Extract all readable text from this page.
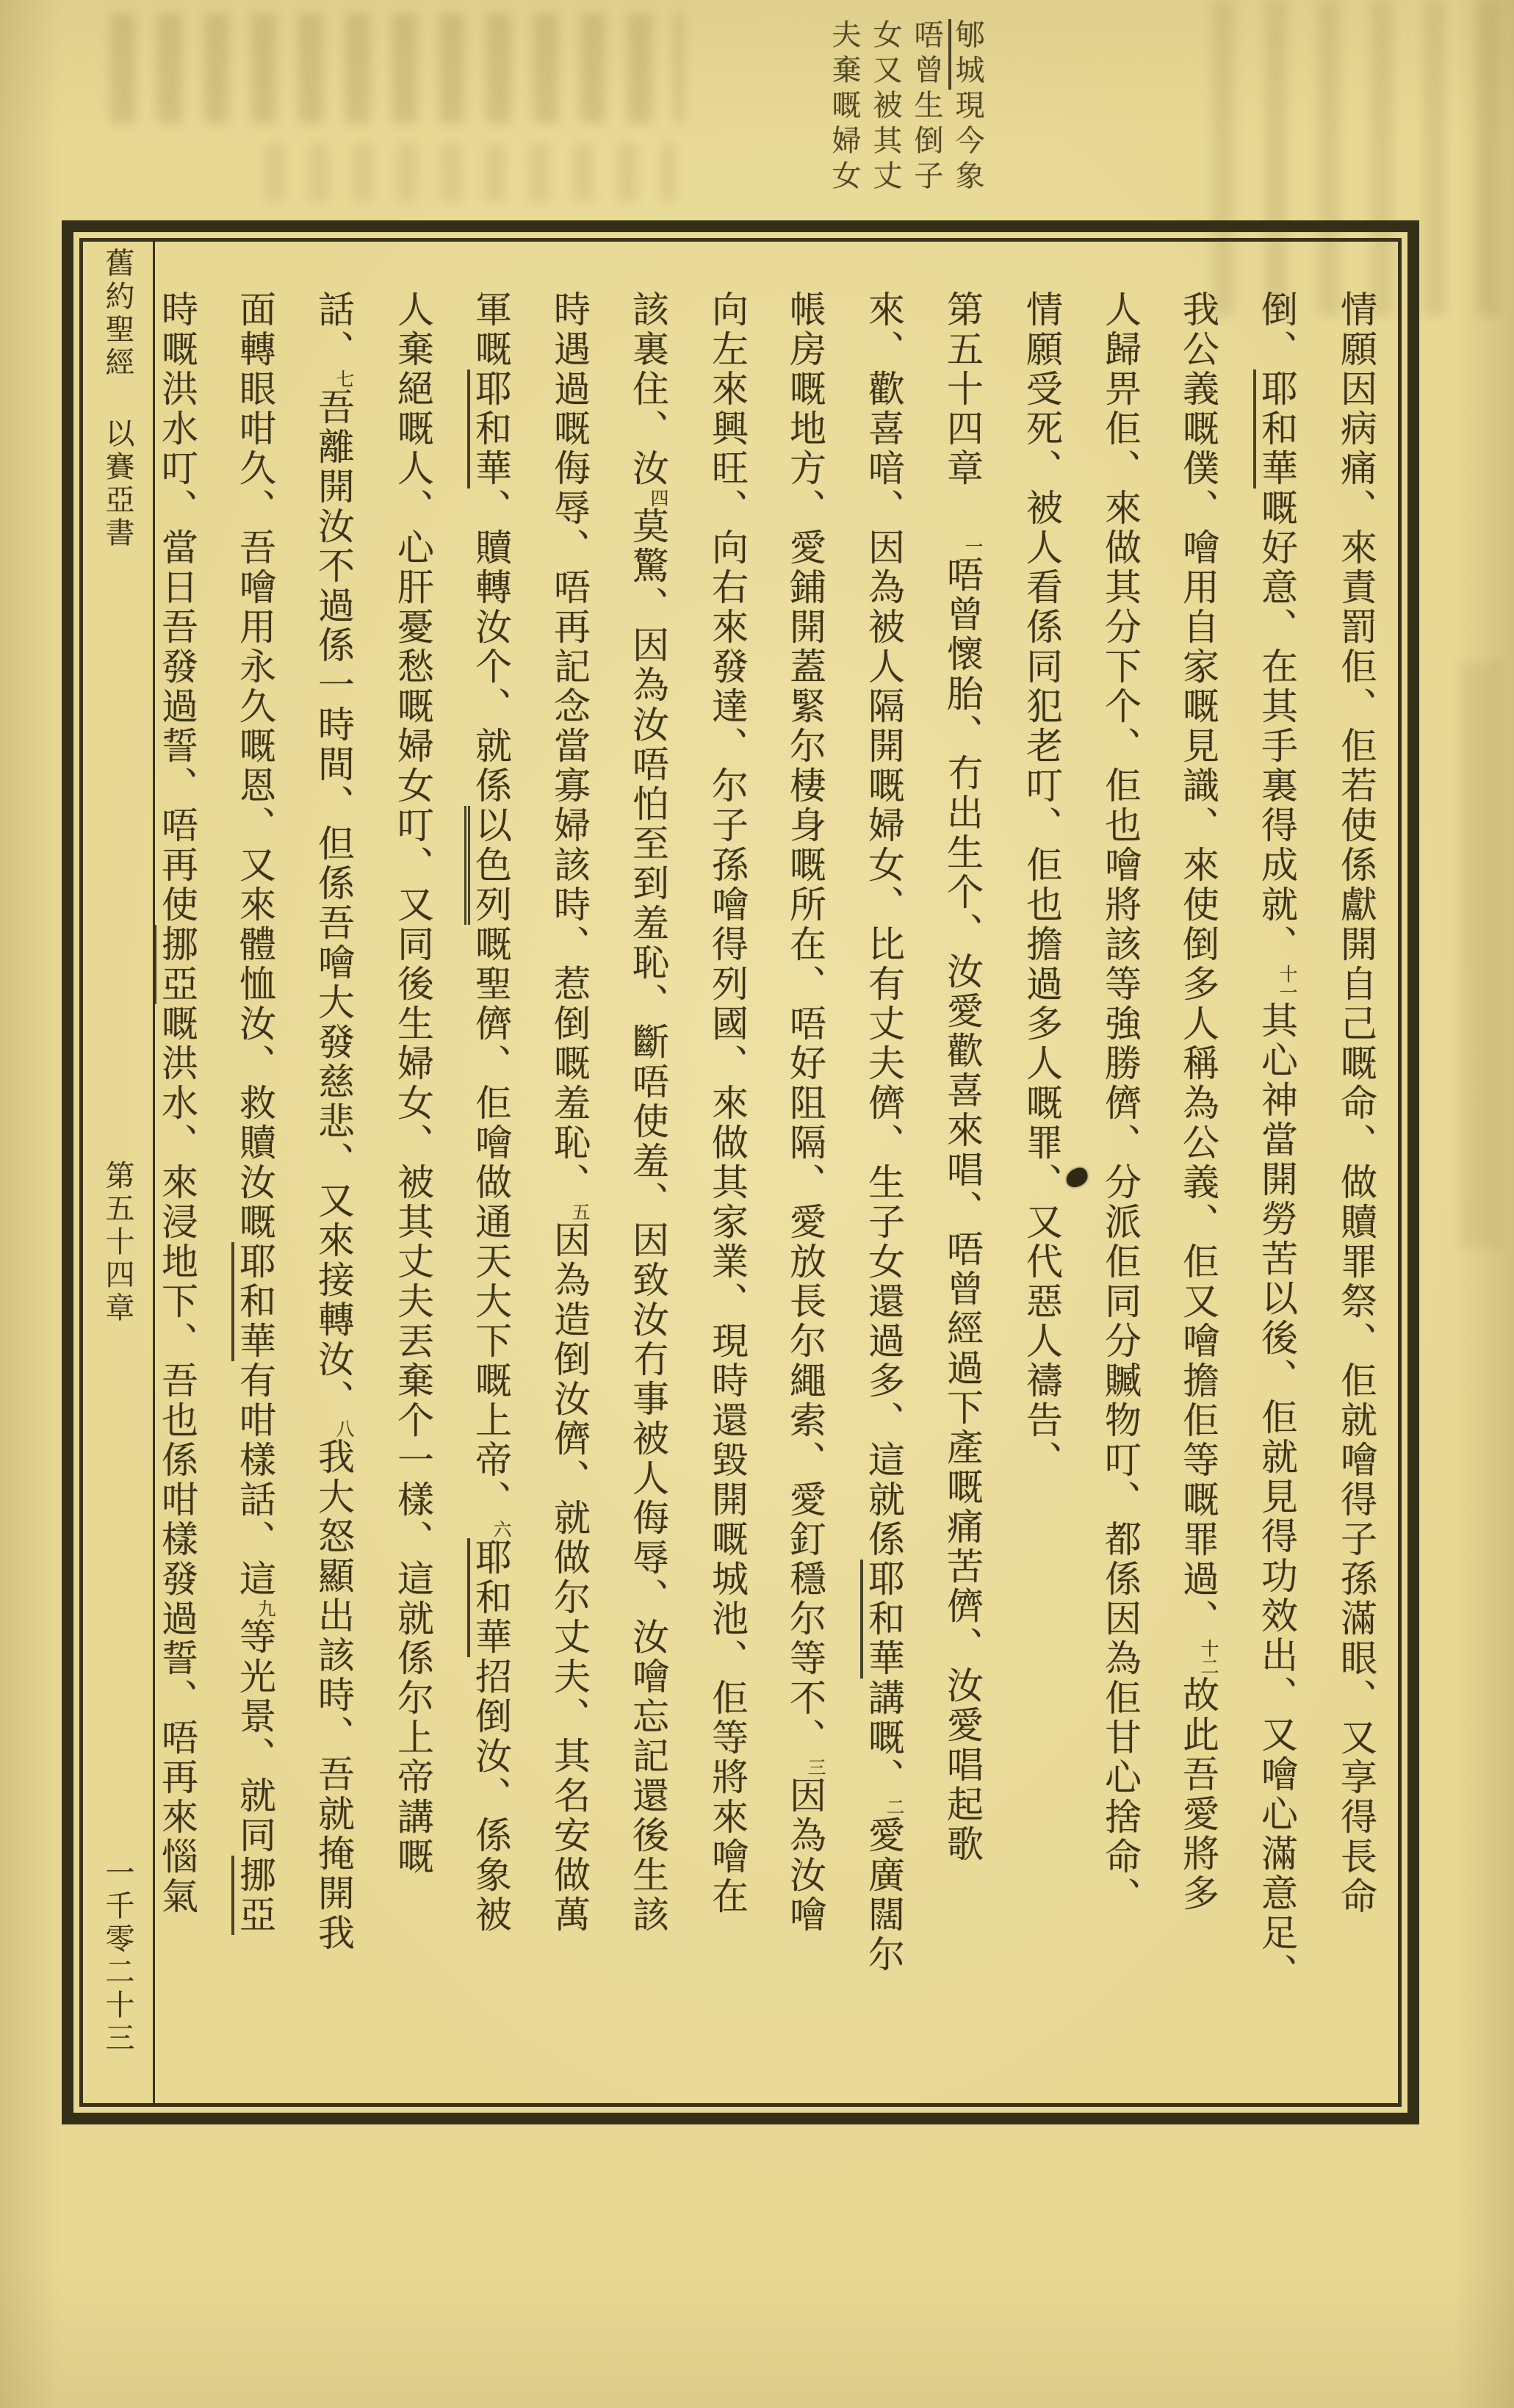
郇城現今象
唔曾生倒子
女又被其丈
夫棄嘅婦女
舊約聖經以賽亞書第五十四章一千零二十三
情願因病痛、來責罰佢、佢若使係獻開自己嘅命、做贖罪祭、佢就噲得子孫滿眼、又享得長命
倒、耶和華嘅好意、在其手裏得成就、十一其心神當開勞苦以後、佢就見得功效出、又噲心滿意足、
我公義嘅僕、噲用自家嘅見識、來使倒多人稱為公義、佢又噲擔佢等嘅罪過、十二故此吾愛將多
人歸畀佢、來做其分下个、佢也噲將該等強勝儕、分派佢同分贓物叮、都係因為佢甘心捨命、
情願受死、被人看係同犯老叮、佢也擔過多人嘅罪、又代惡人禱告、
第五十四章一唔曾懷胎、冇出生个、汝愛歡喜來唱、唔曾經過下產嘅痛苦儕、汝愛唱起歌
來、歡喜喑、因為被人隔開嘅婦女、比有丈夫儕、生子女還過多、這就係耶和華講嘅、二愛廣闊尔
帳房嘅地方、愛鋪開蓋緊尔棲身嘅所在、唔好阻隔、愛放長尔繩索、愛釘穩尔等不、三因為汝噲
向左來興旺、向右來發達、尔子孫噲得列國、來做其家業、現時還毀開嘅城池、佢等將來噲在
該裏住、汝四莫驚、因為汝唔怕至到羞恥、斷唔使羞、因致汝冇事被人侮辱、汝噲忘記還後生該
時遇過嘅侮辱、唔再記念當寡婦該時、惹倒嘅羞恥、五因為造倒汝儕、就做尔丈夫、其名安做萬
軍嘅耶和華、贖轉汝个、就係以色列嘅聖儕、佢噲做通天大下嘅上帝、六耶和華招倒汝、係象被
人棄絕嘅人、心肝憂愁嘅婦女叮、又同後生婦女、被其丈夫丟棄个一樣、這就係尔上帝講嘅
話、七吾離開汝不過係一時間、但係吾噲大發慈悲、又來接轉汝、八我大怒顯出該時、吾就掩開我
面轉眼咁久、吾噲用永久嘅恩、又來體恤汝、救贖汝嘅耶和華有咁樣話、這九等光景、就同挪亞
時嘅洪水叮、當日吾發過誓、唔再使挪亞嘅洪水、來浸地下、吾也係咁樣發過誓、唔再來惱氣
